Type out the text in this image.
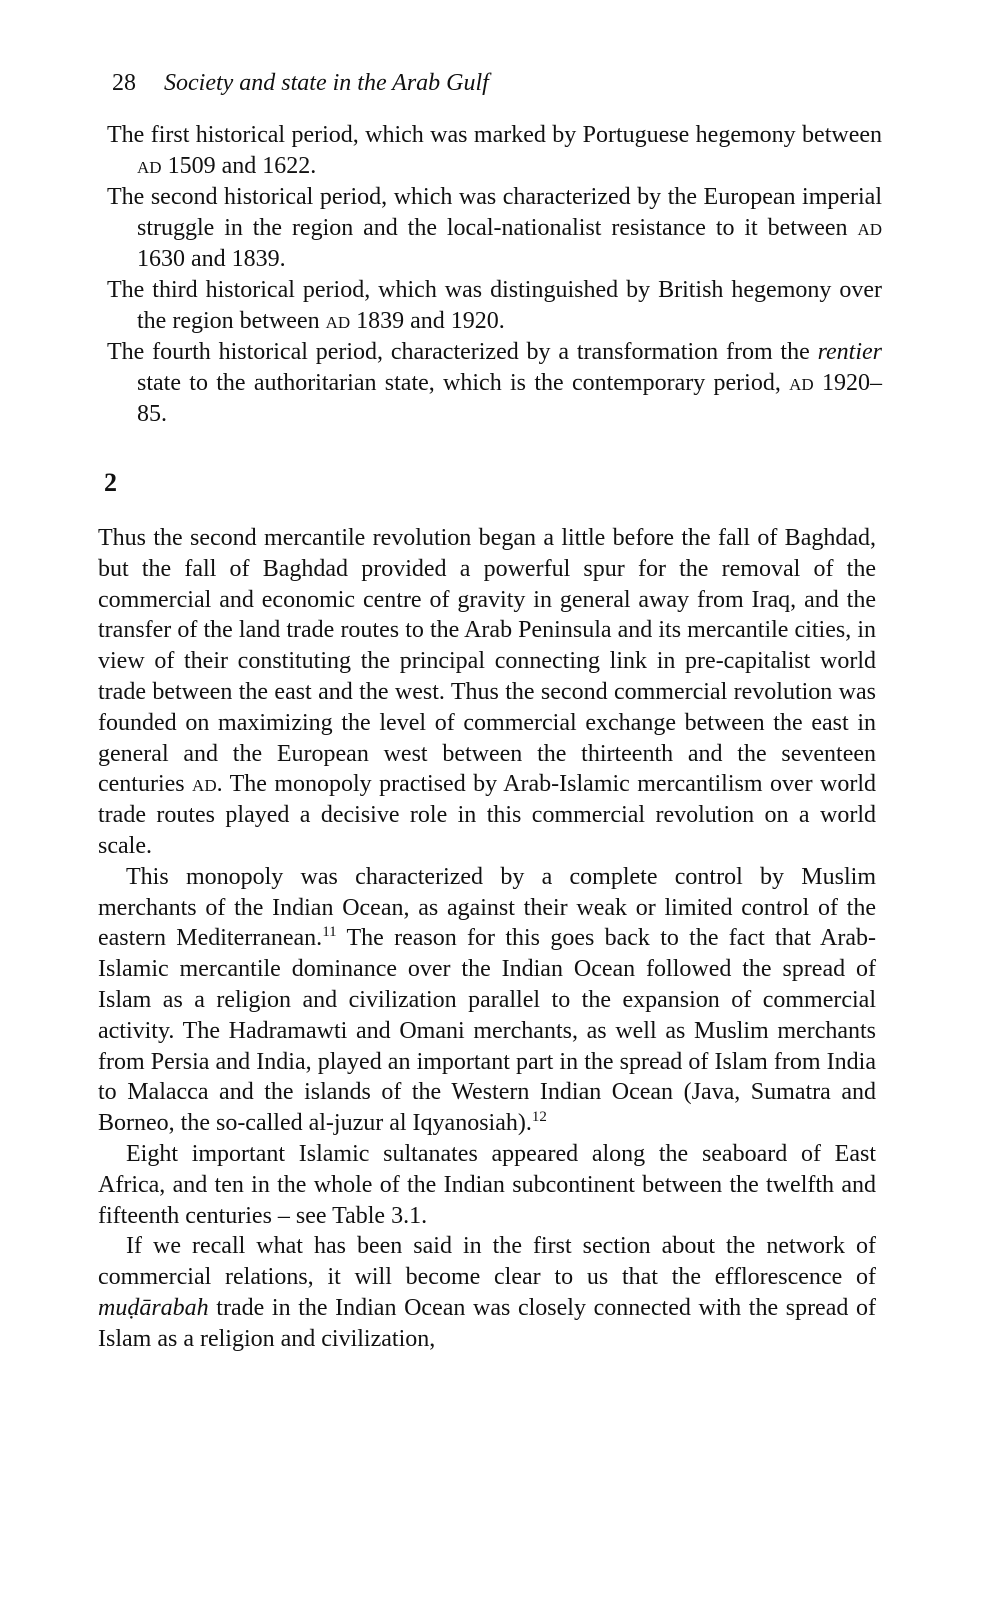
28 Society and state in the Arab Gulf

The first historical period, which was marked by Portuguese hegemony between ad 1509 and 1622.

The second historical period, which was characterized by the European imperial struggle in the region and the local-nationalist resistance to it between ad 1630 and 1839.

The third historical period, which was distinguished by British hegemony over the region between ad 1839 and 1920.

The fourth historical period, characterized by a transformation from the rentier state to the authoritarian state, which is the contemporary period, ad 1920–85.

2

Thus the second mercantile revolution began a little before the fall of Baghdad, but the fall of Baghdad provided a powerful spur for the removal of the commercial and economic centre of gravity in general away from Iraq, and the transfer of the land trade routes to the Arab Peninsula and its mercantile cities, in view of their constituting the principal connecting link in pre-capitalist world trade between the east and the west. Thus the second commercial revolution was founded on maximizing the level of commercial exchange between the east in general and the European west between the thirteenth and the seventeen centuries ad. The monopoly practised by Arab-Islamic mercantilism over world trade routes played a decisive role in this commercial revolution on a world scale.

This monopoly was characterized by a complete control by Muslim merchants of the Indian Ocean, as against their weak or limited control of the eastern Mediterranean.$^{11}$ The reason for this goes back to the fact that Arab-Islamic mercantile dominance over the Indian Ocean followed the spread of Islam as a religion and civilization parallel to the expansion of commercial activity. The Hadramawti and Omani merchants, as well as Muslim merchants from Persia and India, played an important part in the spread of Islam from India to Malacca and the islands of the Western Indian Ocean (Java, Sumatra and Borneo, the so-called al-juzur al Iqyanosiah).$^{12}$

Eight important Islamic sultanates appeared along the seaboard of East Africa, and ten in the whole of the Indian subcontinent between the twelfth and fifteenth centuries – see Table 3.1.

If we recall what has been said in the first section about the network of commercial relations, it will become clear to us that the efflorescence of muḍārabah trade in the Indian Ocean was closely connected with the spread of Islam as a religion and civilization,
